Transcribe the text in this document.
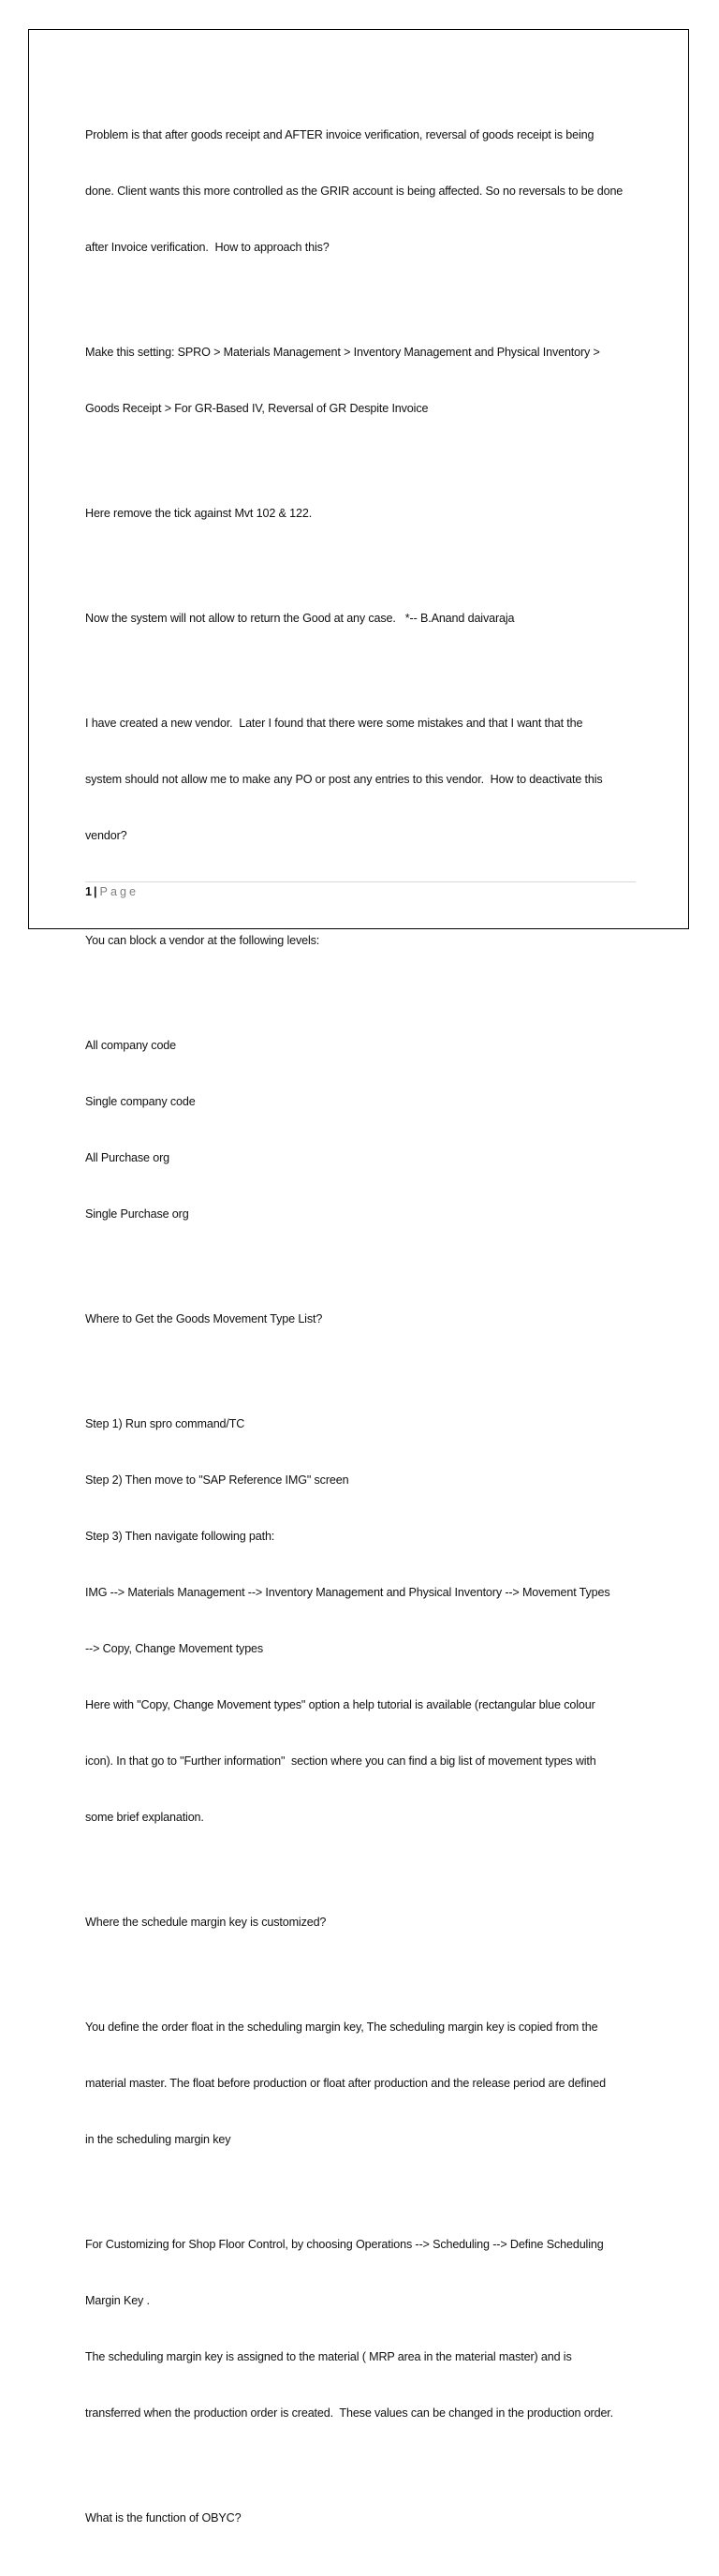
Problem is that after goods receipt and AFTER invoice verification, reversal of goods receipt is being

done. Client wants this more controlled as the GRIR account is being affected. So no reversals to be done

after Invoice verification.  How to approach this?

Make this setting: SPRO > Materials Management > Inventory Management and Physical Inventory >

Goods Receipt > For GR-Based IV, Reversal of GR Despite Invoice

Here remove the tick against Mvt 102 & 122.

Now the system will not allow to return the Good at any case.   *-- B.Anand daivaraja

I have created a new vendor.  Later I found that there were some mistakes and that I want that the

system should not allow me to make any PO or post any entries to this vendor.  How to deactivate this

vendor?

You can block a vendor at the following levels:

All company code

Single company code

All Purchase org

Single Purchase org

Where to Get the Goods Movement Type List?

Step 1) Run spro command/TC

Step 2) Then move to "SAP Reference IMG" screen

Step 3) Then navigate following path:

IMG --> Materials Management --> Inventory Management and Physical Inventory --> Movement Types

--> Copy, Change Movement types

Here with "Copy, Change Movement types" option a help tutorial is available (rectangular blue colour

icon). In that go to "Further information"  section where you can find a big list of movement types with

some brief explanation.

Where the schedule margin key is customized?

You define the order float in the scheduling margin key, The scheduling margin key is copied from the

material master. The float before production or float after production and the release period are defined

in the scheduling margin key

For Customizing for Shop Floor Control, by choosing Operations --> Scheduling --> Define Scheduling

Margin Key .

The scheduling margin key is assigned to the material ( MRP area in the material master) and is

transferred when the production order is created.  These values can be changed in the production order.

What is the function of OBYC?

1 | Page
